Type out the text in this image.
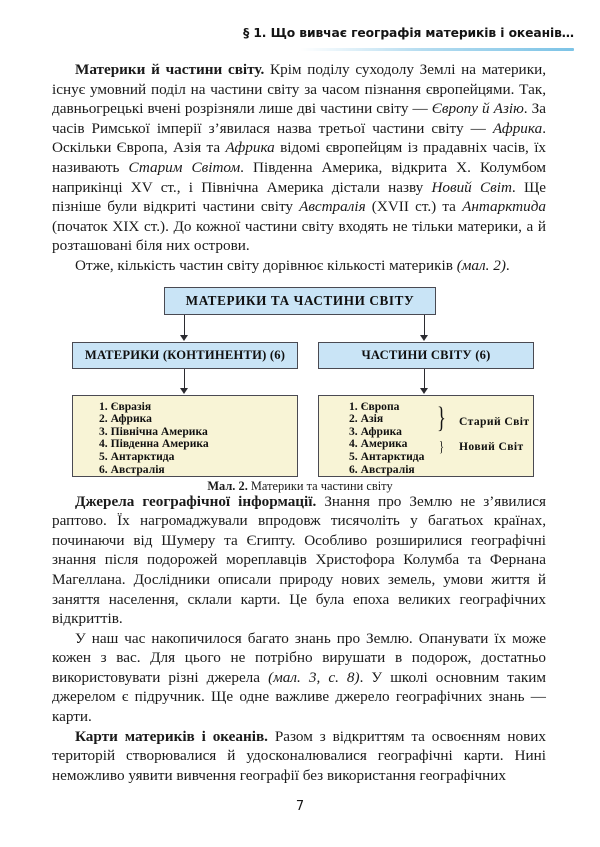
§ 1. Що вивчає географія материків і океанів…

Материки й частини світу. Крім поділу суходолу Землі на материки, існує умовний поділ на частини світу за часом пізнання європейцями. Так, давньогрецькі вчені розрізняли лише дві частини світу — Європу й Азію. За часів Римської імперії з’явилася назва третьої частини світу — Африка. Оскільки Європа, Азія та Африка відомі європейцям із прадавніх часів, їх називають Старим Світом. Південна Америка, відкрита Х. Колумбом наприкінці XV ст., і Північна Америка дістали назву Новий Світ. Ще пізніше були відкриті частини світу Австралія (XVII ст.) та Антарктида (початок XIX ст.). До кожної частини світу входять не тільки материки, а й розташовані біля них острови.

Отже, кількість частин світу дорівнює кількості материків (мал. 2).

МАТЕРИКИ ТА ЧАСТИНИ СВІТУ
МАТЕРИКИ (КОНТИНЕНТИ) (6)	ЧАСТИНИ СВІТУ (6)
1. Євразія
2. Африка
3. Північна Америка
4. Південна Америка
5. Антарктида
6. Австралія
1. Європа
2. Азія
3. Африка
4. Америка
5. Антарктида
6. Австралія
} Старий Світ
} Новий Світ
Мал. 2. Материки та частини світу

Джерела географічної інформації. Знання про Землю не з’явилися раптово. Їх нагромаджували впродовж тисячоліть у багатьох країнах, починаючи від Шумеру та Єгипту. Особливо розширилися географічні знання після подорожей мореплавців Христофора Колумба та Фернана Магеллана. Дослідники описали природу нових земель, умови життя й заняття населення, склали карти. Це була епоха великих географічних відкриттів.

У наш час накопичилося багато знань про Землю. Опанувати їх може кожен з вас. Для цього не потрібно вирушати в подорож, достатньо використовувати різні джерела (мал. 3, с. 8). У школі основним таким джерелом є підручник. Ще одне важливе джерело географічних знань — карти.

Карти материків і океанів. Разом з відкриттям та освоєнням нових територій створювалися й удосконалювалися географічні карти. Нині неможливо уявити вивчення географії без використання географічних

7
